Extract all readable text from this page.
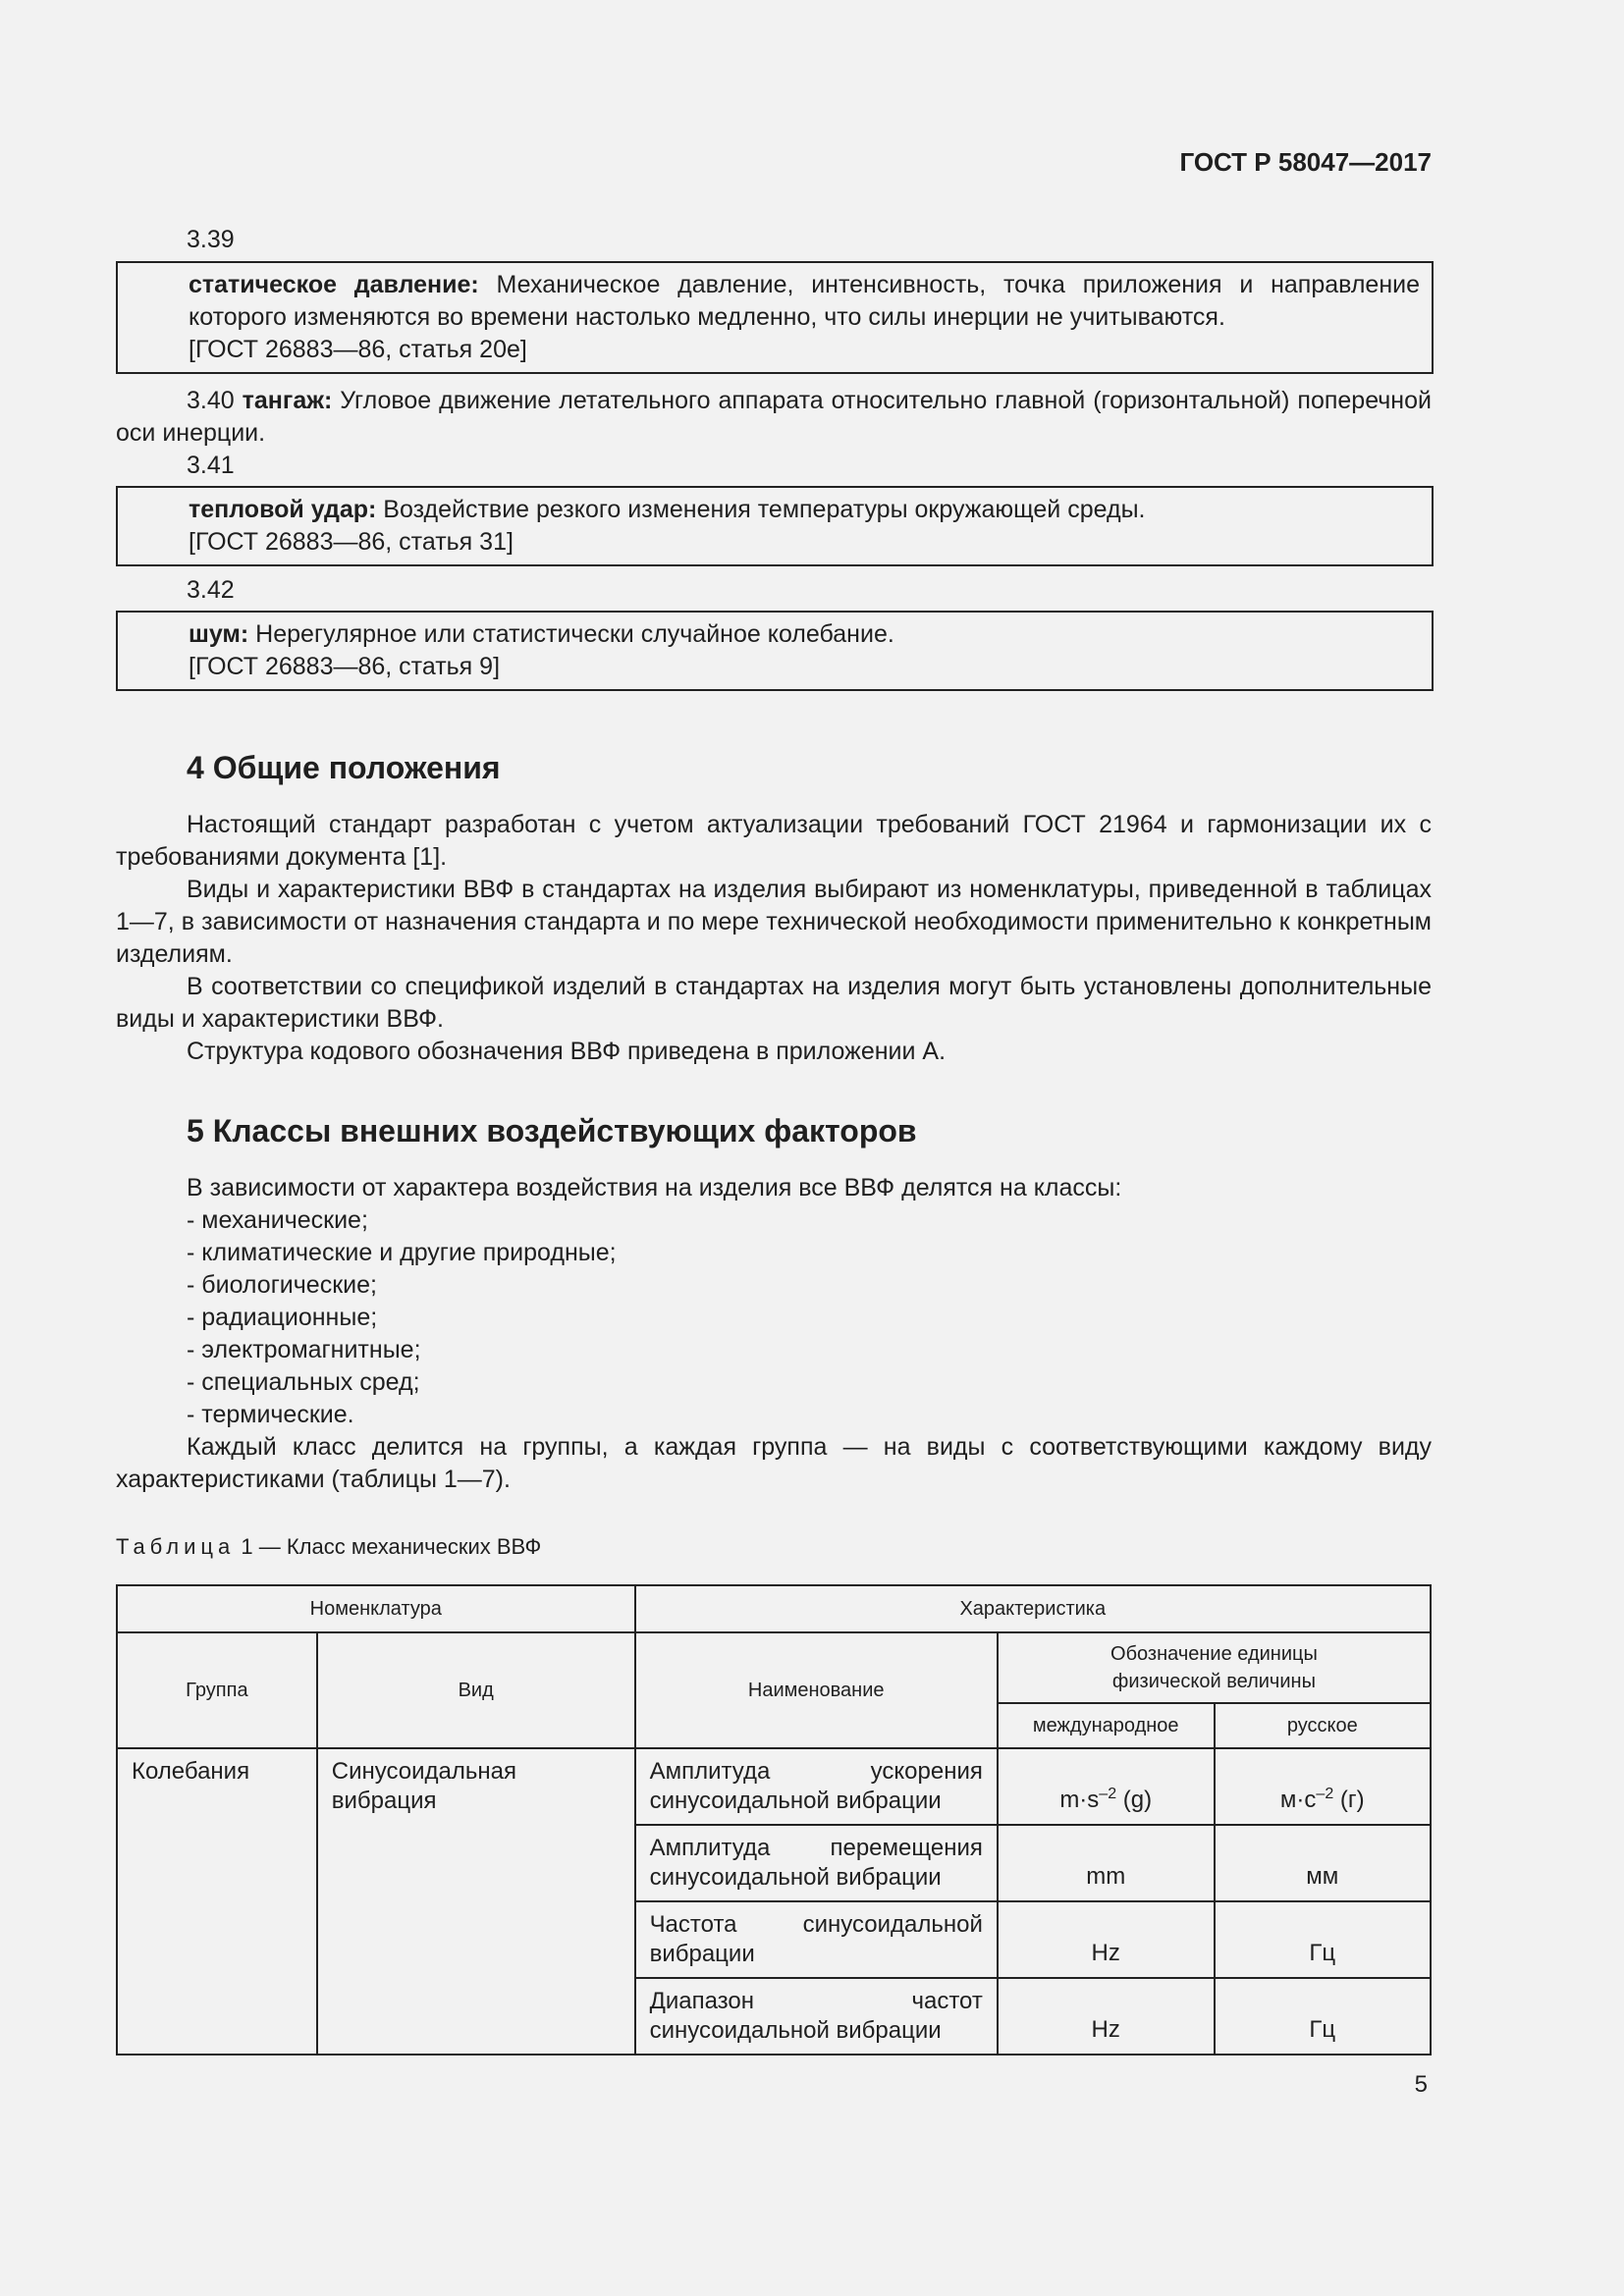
ГОСТ Р 58047—2017
3.39
статическое давление: Механическое давление, интенсивность, точка приложения и направление которого изменяются во времени настолько медленно, что силы инерции не учитываются.
[ГОСТ 26883—86, статья 20е]
3.40 тангаж: Угловое движение летательного аппарата относительно главной (горизонтальной) поперечной оси инерции.
3.41
тепловой удар: Воздействие резкого изменения температуры окружающей среды.
[ГОСТ 26883—86, статья 31]
3.42
шум: Нерегулярное или статистически случайное колебание.
[ГОСТ 26883—86, статья 9]
4 Общие положения
Настоящий стандарт разработан с учетом актуализации требований ГОСТ 21964 и гармонизации их с требованиями документа [1].
Виды и характеристики ВВФ в стандартах на изделия выбирают из номенклатуры, приведенной в таблицах 1—7, в зависимости от назначения стандарта и по мере технической необходимости применительно к конкретным изделиям.
В соответствии со спецификой изделий в стандартах на изделия могут быть установлены дополнительные виды и характеристики ВВФ.
Структура кодового обозначения ВВФ приведена в приложении А.
5 Классы внешних воздействующих факторов
В зависимости от характера воздействия на изделия все ВВФ делятся на классы:
- механические;
- климатические и другие природные;
- биологические;
- радиационные;
- электромагнитные;
- специальных сред;
- термические.
Каждый класс делится на группы, а каждая группа — на виды с соответствующими каждому виду характеристиками (таблицы 1—7).
Таблица 1 — Класс механических ВВФ
Номенклатура		Характеристика		
Группа	Вид	Наименование	Обозначение единицы физической величины	
			международное	русское
Колебания	Синусоидальная вибрация	Амплитуда ускорения синусоидальной вибрации	$m\cdot s^{-2}$ (g)	$м\cdot с^{-2}$ (г)
		Амплитуда перемещения синусоидальной вибрации	mm	мм
		Частота синусоидальной вибрации	Hz	Гц
		Диапазон частот синусоидальной вибрации	Hz	Гц
5
